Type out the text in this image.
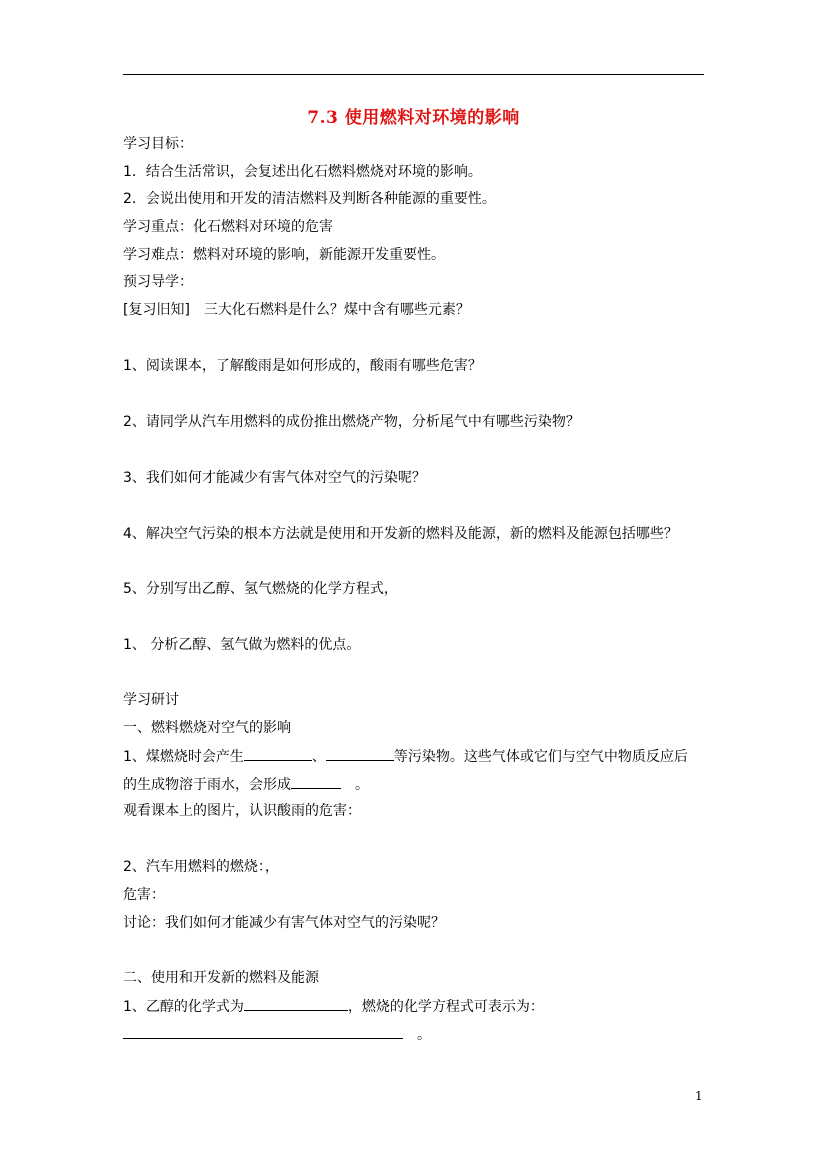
7.3 使用燃料对环境的影响
学习目标：
1．结合生活常识，会复述出化石燃料燃烧对环境的影响。
2．会说出使用和开发的清洁燃料及判断各种能源的重要性。
学习重点：化石燃料对环境的危害
学习难点：燃料对环境的影响，新能源开发重要性。
预习导学：
[复习旧知]　三大化石燃料是什么？煤中含有哪些元素？
1、阅读课本，了解酸雨是如何形成的，酸雨有哪些危害？
2、请同学从汽车用燃料的成份推出燃烧产物，分析尾气中有哪些污染物？
3、我们如何才能减少有害气体对空气的污染呢？
4、解决空气污染的根本方法就是使用和开发新的燃料及能源，新的燃料及能源包括哪些？
5、分别写出乙醇、氢气燃烧的化学方程式，
1、 分析乙醇、氢气做为燃料的优点。
学习研讨
一、燃料燃烧对空气的影响
1、煤燃烧时会产生	、	等污染物。这些气体或它们与空气中物质反应后
的生成物溶于雨水，会形成	　。
观看课本上的图片，认识酸雨的危害：
2、汽车用燃料的燃烧：，
危害：
讨论：我们如何才能减少有害气体对空气的污染呢？
二、使用和开发新的燃料及能源
1、乙醇的化学式为	，燃烧的化学方程式可表示为：
。
1
